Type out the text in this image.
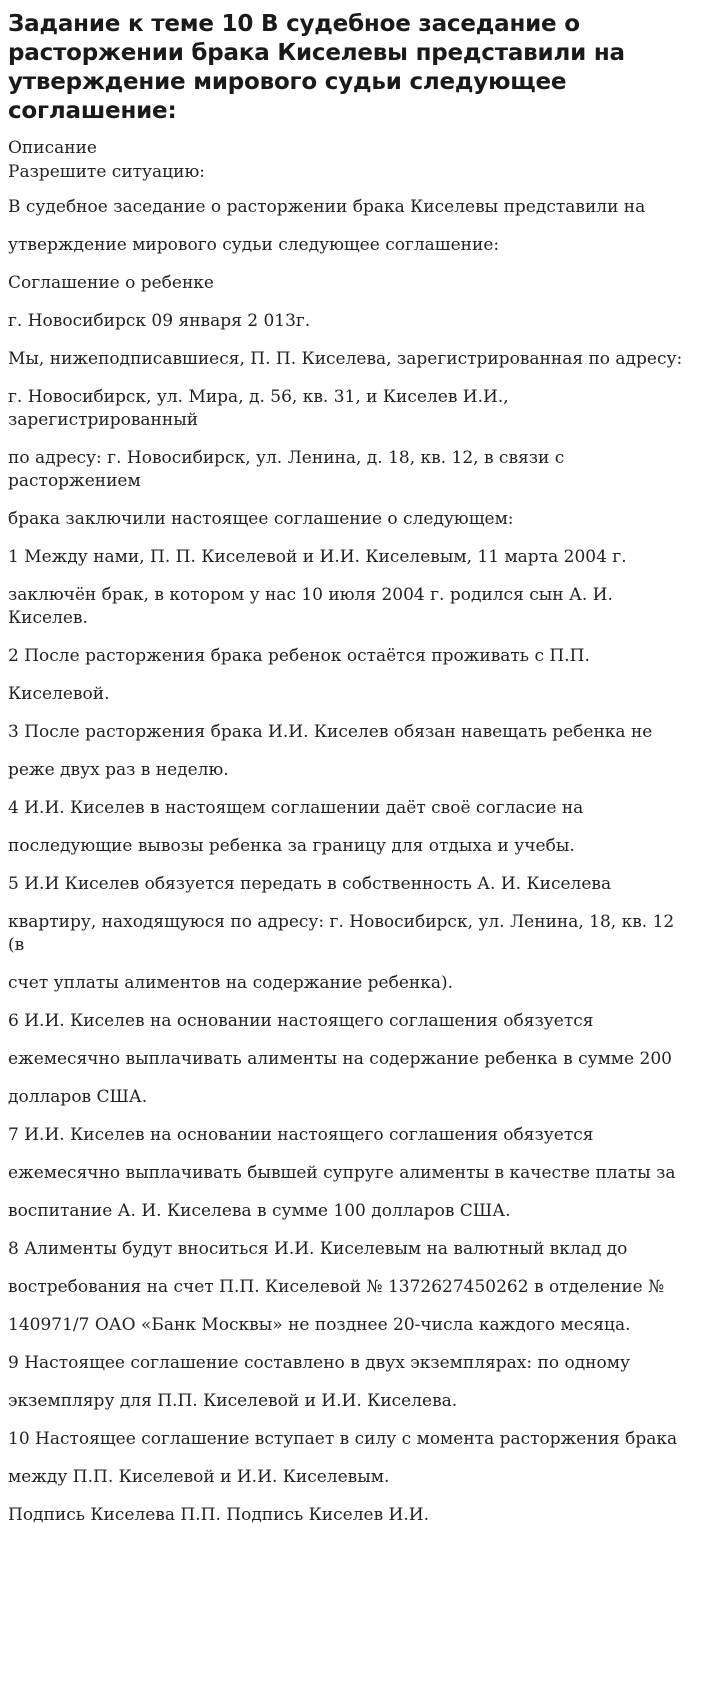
Задание к теме 10 В судебное заседание о расторжении брака Киселевы представили на утверждение мирового судьи следующее соглашение:

Описание

Разрешите ситуацию:

В судебное заседание о расторжении брака Киселевы представили на

утверждение мирового судьи следующее соглашение:

Соглашение о ребенке

г. Новосибирск 09 января 2 013г.

Мы, нижеподписавшиеся, П. П. Киселева, зарегистрированная по адресу:

г. Новосибирск, ул. Мира, д. 56, кв. 31, и Киселев И.И., зарегистрированный

по адресу: г. Новосибирск, ул. Ленина, д. 18, кв. 12, в связи с расторжением

брака заключили настоящее соглашение о следующем:

1 Между нами, П. П. Киселевой и И.И. Киселевым, 11 марта 2004 г.

заключён брак, в котором у нас 10 июля 2004 г. родился сын А. И. Киселев.

2 После расторжения брака ребенок остаётся проживать с П.П.

Киселевой.

3 После расторжения брака И.И. Киселев обязан навещать ребенка не

реже двух раз в неделю.

4 И.И. Киселев в настоящем соглашении даёт своё согласие на

последующие вывозы ребенка за границу для отдыха и учебы.

5 И.И Киселев обязуется передать в собственность А. И. Киселева

квартиру, находящуюся по адресу: г. Новосибирск, ул. Ленина, 18, кв. 12 (в

счет уплаты алиментов на содержание ребенка).

6 И.И. Киселев на основании настоящего соглашения обязуется

ежемесячно выплачивать алименты на содержание ребенка в сумме 200

долларов США.

7 И.И. Киселев на основании настоящего соглашения обязуется

ежемесячно выплачивать бывшей супруге алименты в качестве платы за

воспитание А. И. Киселева в сумме 100 долларов США.

8 Алименты будут вноситься И.И. Киселевым на валютный вклад до

востребования на счет П.П. Киселевой № 1372627450262 в отделение №

140971/7 ОАО «Банк Москвы» не позднее 20-числа каждого месяца.

9 Настоящее соглашение составлено в двух экземплярах: по одному

экземпляру для П.П. Киселевой и И.И. Киселева.

10 Настоящее соглашение вступает в силу с момента расторжения брака

между П.П. Киселевой и И.И. Киселевым.

Подпись Киселева П.П. Подпись Киселев И.И.
